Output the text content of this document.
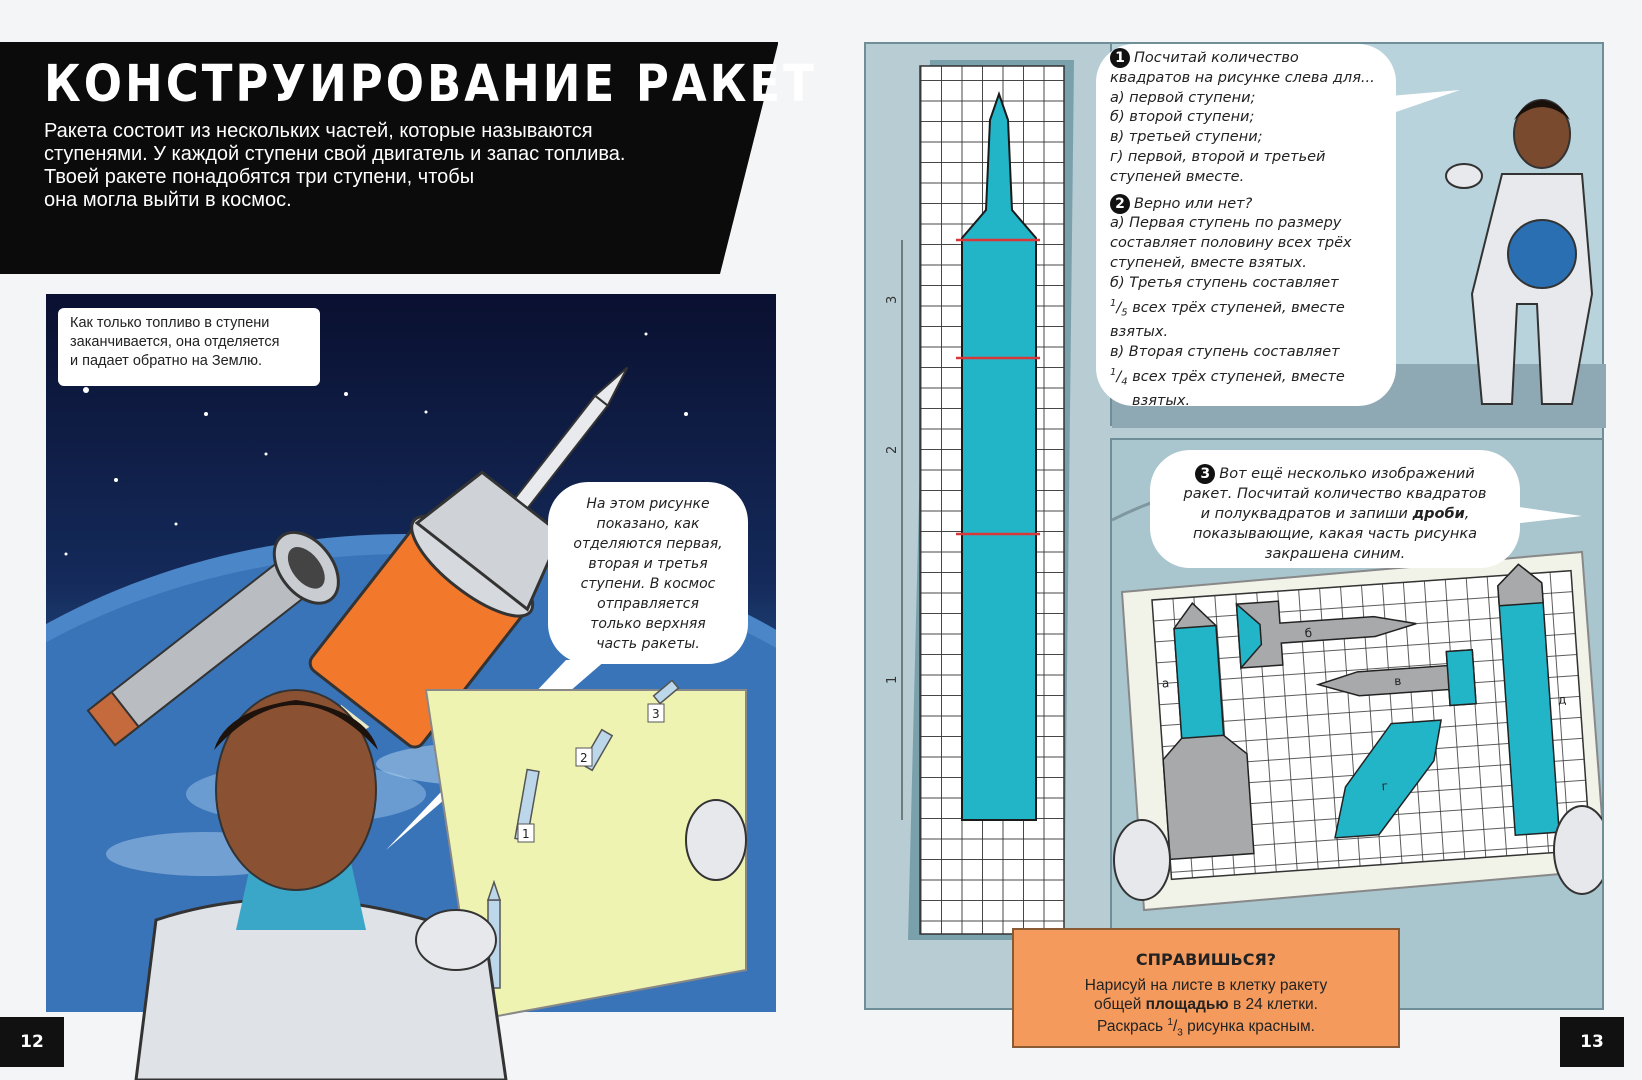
КОНСТРУИРОВАНИЕ РАКЕТ
Ракета состоит из нескольких частей, которые называются
ступенями. У каждой ступени свой двигатель и запас топлива.
Твоей ракете понадобятся три ступени, чтобы
она могла выйти в космос.
Как только топливо в ступени
заканчивается, она отделяется
и падает обратно на Землю.
1
2
3
На этом рисунке
показано, как
отделяются первая,
вторая и третья
ступени. В космос
отправляется
только верхняя
часть ракеты.
12
3
2
1
1 Посчитай количество
квадратов на рисунке слева для...
а) первой ступени;
б) второй ступени;
в) третьей ступени;
г) первой, второй и третьей
ступеней вместе.
2 Верно или нет?
а) Первая ступень по размеру
составляет половину всех трёх
ступеней, вместе взятых.
б) Третья ступень составляет
$^1/_5$ всех трёх ступеней, вместе
взятых.
в) Вторая ступень составляет
$^1/_4$ всех трёх ступеней, вместе
взятых.
а
б
в
г
д
3 Вот ещё несколько изображений
ракет. Посчитай количество квадратов
и полуквадратов и запиши дроби,
показывающие, какая часть рисунка
закрашена синим.
СПРАВИШЬСЯ?
Нарисуй на листе в клетку ракету
общей площадью в 24 клетки.
Раскрась $^1/_3$ рисунка красным.
13
